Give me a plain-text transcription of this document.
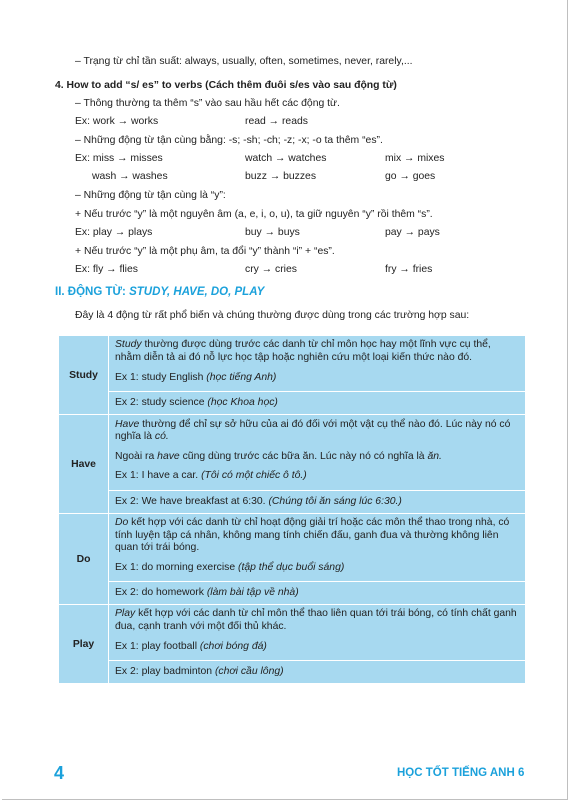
– Trạng từ chỉ tần suất: always, usually, often, sometimes, never, rarely,...
4. How to add “s/ es” to verbs (Cách thêm đuôi s/es vào sau động từ)
– Thông thường ta thêm “s” vào sau hầu hết các động từ.
Ex: work → works	read → reads
– Những động từ tận cùng bằng: -s; -sh; -ch; -z; -x; -o ta thêm “es”.
Ex: miss → misses	watch → watches	mix → mixes
wash → washes	buzz → buzzes	go → goes
– Những động từ tận cùng là “y”:
+ Nếu trước “y” là một nguyên âm (a, e, i, o, u), ta giữ nguyên “y” rồi thêm “s”.
Ex: play → plays	buy → buys	pay → pays
+ Nếu trước “y” là một phụ âm, ta đổi “y” thành “i” + “es”.
Ex: fly → flies	cry → cries	fry → fries
II. ĐỘNG TỪ: STUDY, HAVE, DO, PLAY
Đây là 4 động từ rất phổ biến và chúng thường được dùng trong các trường hợp sau:
Study	Study thường được dùng trước các danh từ chỉ môn học hay một lĩnh vực cụ thể, nhằm diễn tả ai đó nỗ lực học tập hoặc nghiên cứu một loại kiến thức nào đó.

Ex 1: study English (học tiếng Anh)

Ex 2: study science (học Khoa học)

Have	Have thường để chỉ sự sở hữu của ai đó đối với một vật cụ thể nào đó. Lúc này nó có nghĩa là có.

Ngoài ra have cũng dùng trước các bữa ăn. Lúc này nó có nghĩa là ăn.

Ex 1: I have a car. (Tôi có một chiếc ô tô.)

Ex 2: We have breakfast at 6:30. (Chúng tôi ăn sáng lúc 6:30.)

Do	Do kết hợp với các danh từ chỉ hoạt động giải trí hoặc các môn thể thao trong nhà, có tính luyện tập cá nhân, không mang tính chiến đấu, ganh đua và thường không liên quan tới trái bóng.

Ex 1: do morning exercise (tập thể dục buổi sáng)

Ex 2: do homework (làm bài tập về nhà)

Play	Play kết hợp với các danh từ chỉ môn thể thao liên quan tới trái bóng, có tính chất ganh đua, cạnh tranh với một đối thủ khác.

Ex 1: play football (chơi bóng đá)

Ex 2: play badminton (chơi cầu lông)

4	HỌC TỐT TIẾNG ANH 6
